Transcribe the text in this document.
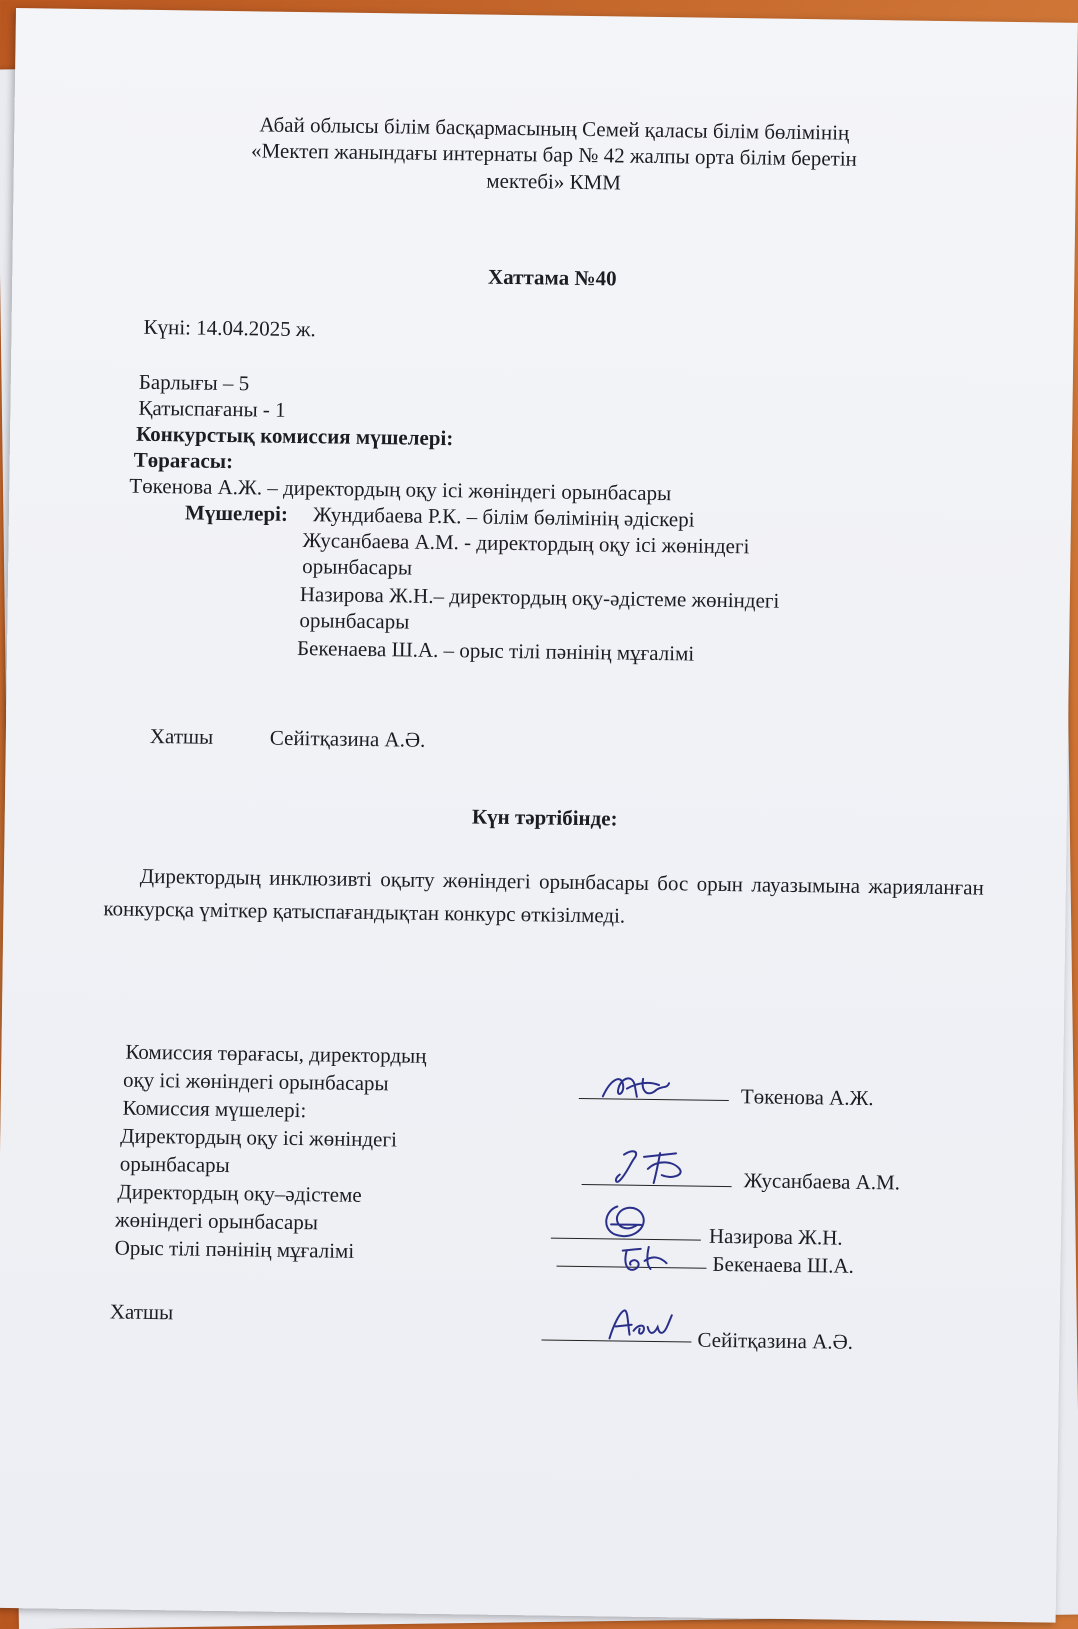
Абай облысы білім басқармасының Семей қаласы білім бөлімінің
«Мектеп жанындағы интернаты бар № 42 жалпы орта білім беретін
мектебі» КММ
Хаттама №40
Күні: 14.04.2025 ж.
Барлығы – 5
Қатыспағаны - 1
Конкурстық комиссия мүшелері:
Төрағасы:
Төкенова А.Ж. – директордың оқу ісі жөніндегі орынбасары
Мүшелері: Жундибаева Р.К. – білім бөлімінің әдіскері
Жусанбаева А.М. - директордың оқу ісі жөніндегі
орынбасары
Назирова Ж.Н.– директордың оқу-әдістеме жөніндегі
орынбасары
Бекенаева Ш.А. – орыс тілі пәнінің мұғалімі
Хатшы	Сейітқазина А.Ә.
Күн тәртібінде:
Директордың инклюзивті оқыту жөніндегі орынбасары бос орын лауазымына жарияланған конкурсқа үміткер қатыспағандықтан конкурс өткізілмеді.
Комиссия төрағасы, директордың
оқу ісі жөніндегі орынбасары
Төкенова А.Ж.
Комиссия мүшелері:
Директордың оқу ісі жөніндегі
орынбасары
Жусанбаева А.М.
Директордың оқу–әдістеме
жөніндегі орынбасары
Назирова Ж.Н.
Орыс тілі пәнінің мұғалімі
Бекенаева Ш.А.
Хатшы
Сейітқазина А.Ә.
